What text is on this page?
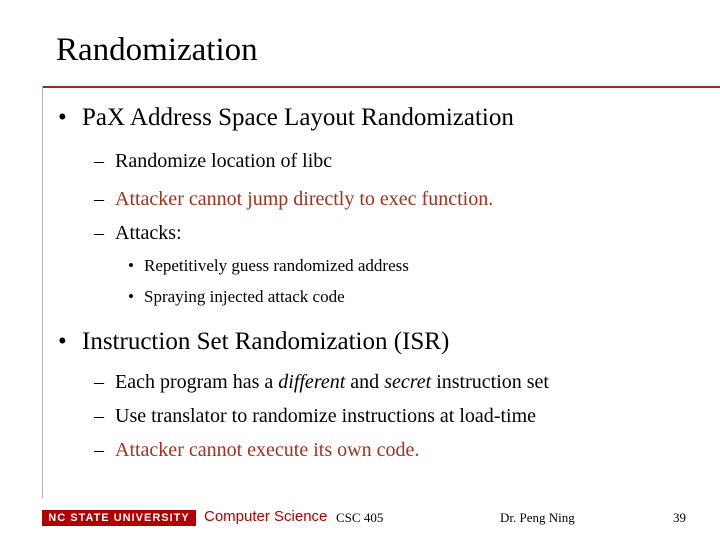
Randomization
• PaX Address Space Layout Randomization
– Randomize location of libc
– Attacker cannot jump directly to exec function.
– Attacks:
• Repetitively guess randomized address
• Spraying injected attack code
• Instruction Set Randomization (ISR)
– Each program has a different and secret instruction set
– Use translator to randomize instructions at load-time
– Attacker cannot execute its own code.
NC STATE UNIVERSITY Computer Science CSC 405	Dr. Peng Ning	39
